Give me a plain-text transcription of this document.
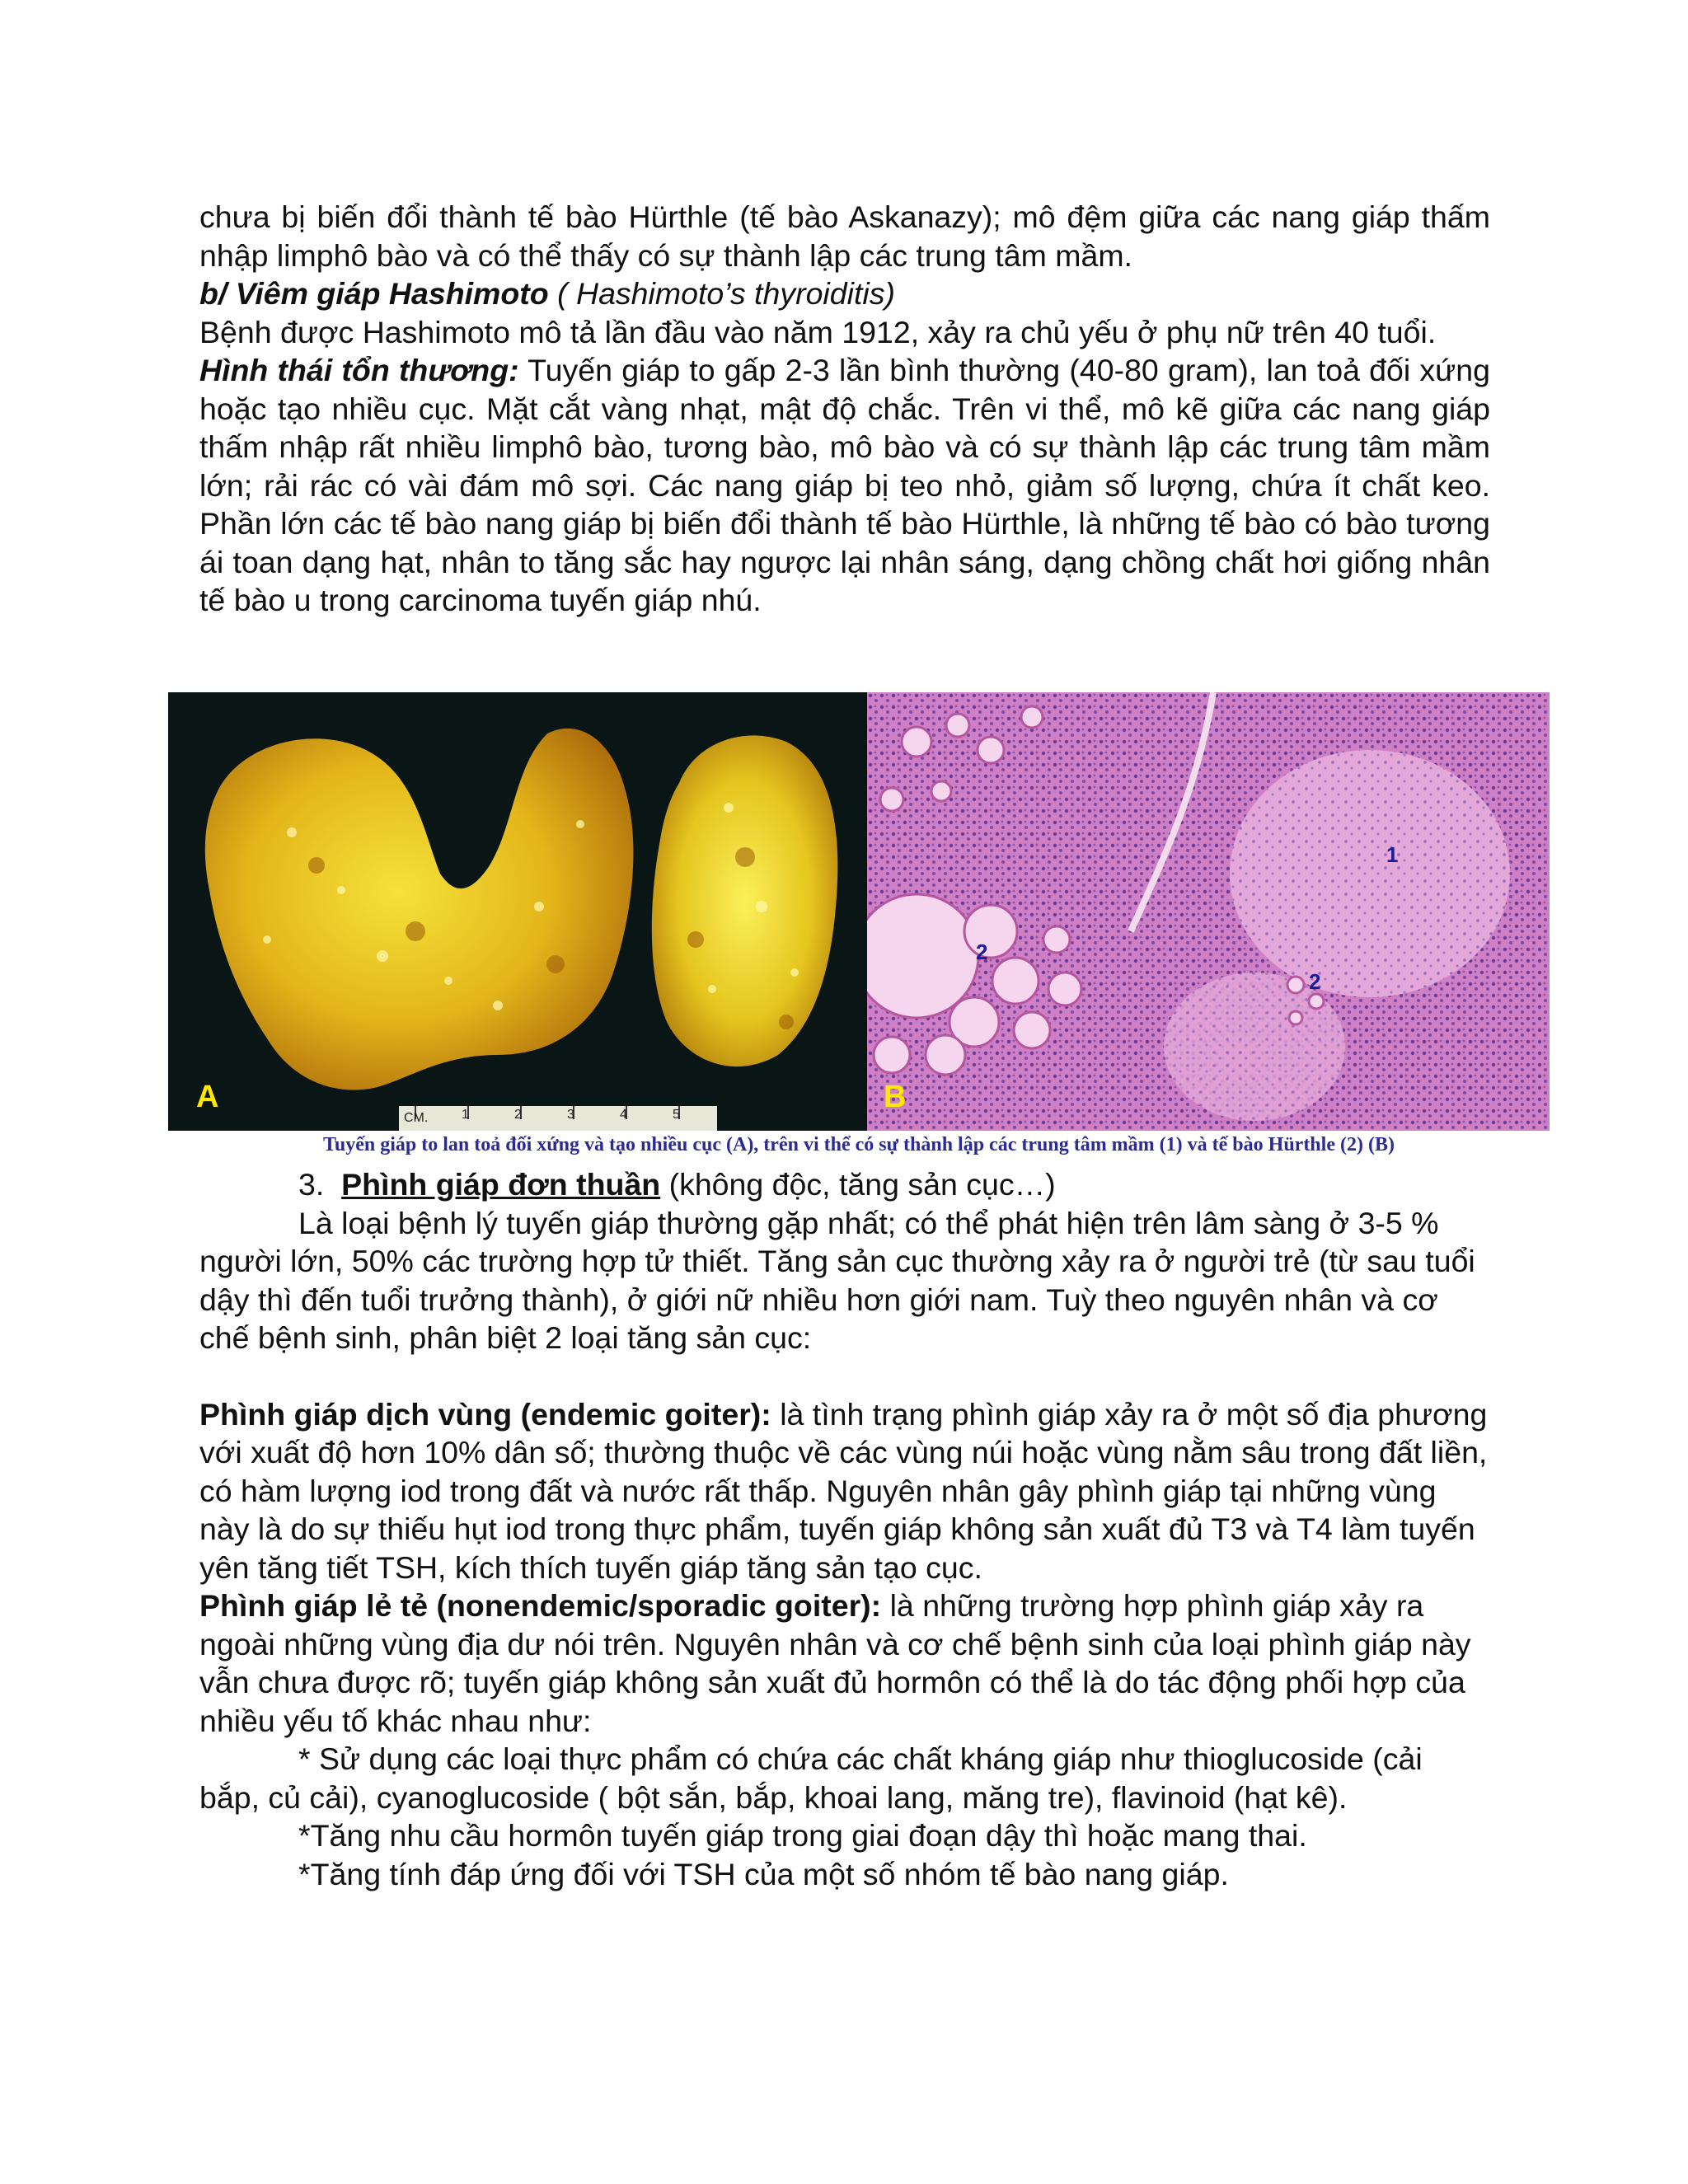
chưa bị biến đổi thành tế bào Hürthle (tế bào Askanazy); mô đệm giữa các nang giáp thấm nhập limphô bào và có thể thấy có sự thành lập các trung tâm mầm.

b/ Viêm giáp Hashimoto ( Hashimoto’s thyroiditis)

Bệnh được Hashimoto mô tả lần đầu vào năm 1912, xảy ra chủ yếu ở phụ nữ trên 40 tuổi.

Hình thái tổn thương: Tuyến giáp to gấp 2-3 lần bình thường (40-80 gram), lan toả đối xứng hoặc tạo nhiều cục. Mặt cắt vàng nhạt, mật độ chắc. Trên vi thể, mô kẽ giữa các nang giáp thấm nhập rất nhiều limphô bào, tương bào, mô bào và có sự thành lập các trung tâm mầm lớn; rải rác có vài đám mô sợi. Các nang giáp bị teo nhỏ, giảm số lượng, chứa ít chất keo. Phần lớn các tế bào nang giáp bị biến đổi thành tế bào Hürthle, là những tế bào có bào tương ái toan dạng hạt, nhân to tăng sắc hay ngược lại nhân sáng, dạng chồng chất hơi giống nhân tế bào u trong carcinoma tuyến giáp nhú.

A
CM.	1	2	3	4	5
B
1
2
2
Tuyến giáp to lan toả đối xứng và tạo nhiều cục (A), trên vi thể có sự thành lập các trung tâm mầm (1) và tế bào Hürthle (2) (B)

3. Phình giáp đơn thuần (không độc, tăng sản cục…)

Là loại bệnh lý tuyến giáp thường gặp nhất; có thể phát hiện trên lâm sàng ở 3-5 % người lớn, 50% các trường hợp tử thiết. Tăng sản cục thường xảy ra ở người trẻ (từ sau tuổi dậy thì đến tuổi trưởng thành), ở giới nữ nhiều hơn giới nam. Tuỳ theo nguyên nhân và cơ chế bệnh sinh, phân biệt 2 loại tăng sản cục:

Phình giáp dịch vùng (endemic goiter): là tình trạng phình giáp xảy ra ở một số địa phương với xuất độ hơn 10% dân số; thường thuộc về các vùng núi hoặc vùng nằm sâu trong đất liền, có hàm lượng iod trong đất và nước rất thấp. Nguyên nhân gây phình giáp tại những vùng này là do sự thiếu hụt iod trong thực phẩm, tuyến giáp không sản xuất đủ T3 và T4 làm tuyến yên tăng tiết TSH, kích thích tuyến giáp tăng sản tạo cục.

Phình giáp lẻ tẻ (nonendemic/sporadic goiter): là những trường hợp phình giáp xảy ra ngoài những vùng địa dư nói trên. Nguyên nhân và cơ chế bệnh sinh của loại phình giáp này vẫn chưa được rõ; tuyến giáp không sản xuất đủ hormôn có thể là do tác động phối hợp của nhiều yếu tố khác nhau như:

* Sử dụng các loại thực phẩm có chứa các chất kháng giáp như thioglucoside (cải bắp, củ cải), cyanoglucoside ( bột sắn, bắp, khoai lang, măng tre), flavinoid (hạt kê).

*Tăng nhu cầu hormôn tuyến giáp trong giai đoạn dậy thì hoặc mang thai.

*Tăng tính đáp ứng đối với TSH của một số nhóm tế bào nang giáp.
